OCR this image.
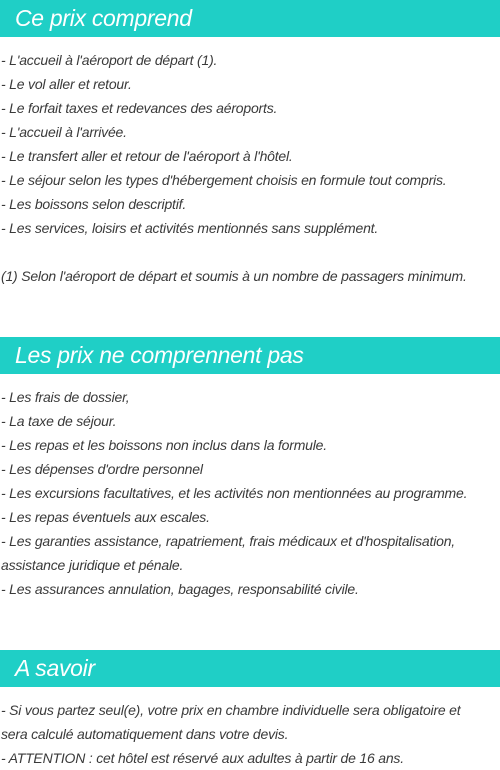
Ce prix comprend
- L'accueil à l'aéroport de départ (1).
- Le vol aller et retour.
- Le forfait taxes et redevances des aéroports.
- L'accueil à l'arrivée.
- Le transfert aller et retour de l'aéroport à l'hôtel.
- Le séjour selon les types d'hébergement choisis en formule tout compris.
- Les boissons selon descriptif.
- Les services, loisirs et activités mentionnés sans supplément.
(1) Selon l'aéroport de départ et soumis à un nombre de passagers minimum.
Les prix ne comprennent pas
- Les frais de dossier,
- La taxe de séjour.
- Les repas et les boissons non inclus dans la formule.
- Les dépenses d'ordre personnel
- Les excursions facultatives, et les activités non mentionnées au programme.
- Les repas éventuels aux escales.
- Les garanties assistance, rapatriement, frais médicaux et d'hospitalisation,
assistance juridique et pénale.
- Les assurances annulation, bagages, responsabilité civile.
A savoir
- Si vous partez seul(e), votre prix en chambre individuelle sera obligatoire et
sera calculé automatiquement dans votre devis.
- ATTENTION : cet hôtel est réservé aux adultes à partir de 16 ans.
